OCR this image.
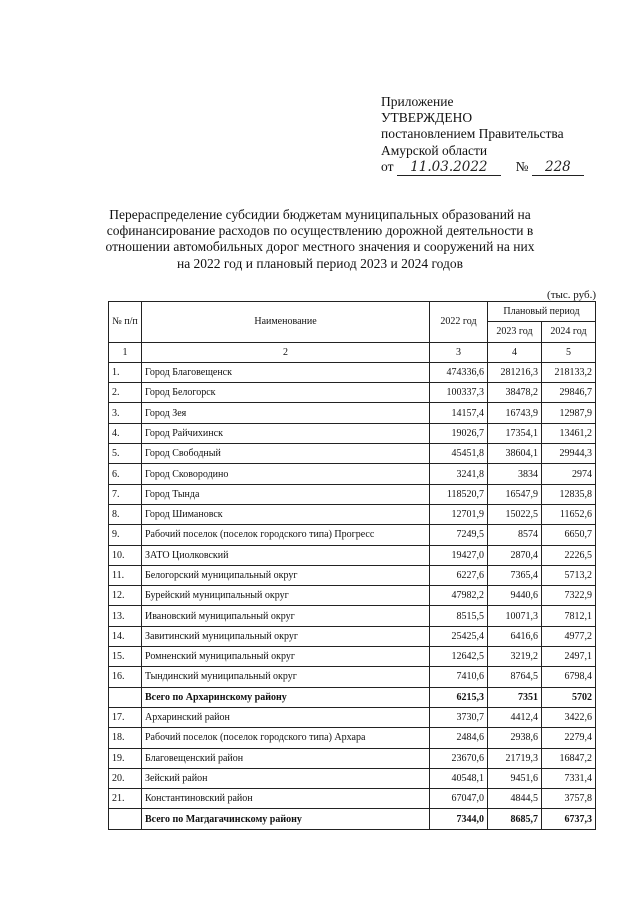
Приложение
УТВЕРЖДЕНО
постановлением Правительства
Амурской области
от 11.03.2022 № 228
Перераспределение субсидии бюджетам муниципальных образований на
софинансирование расходов по осуществлению дорожной деятельности в
отношении автомобильных дорог местного значения и сооружений на них
на 2022 год и плановый период 2023 и 2024 годов
(тыс. руб.)
№ п/п	Наименование	2022 год	Плановый период	
			2023 год	2024 год
1	2	3	4	5
1.	Город Благовещенск	474336,6	281216,3	218133,2
2.	Город Белогорск	100337,3	38478,2	29846,7
3.	Город Зея	14157,4	16743,9	12987,9
4.	Город Райчихинск	19026,7	17354,1	13461,2
5.	Город Свободный	45451,8	38604,1	29944,3
6.	Город Сковородино	3241,8	3834	2974
7.	Город Тында	118520,7	16547,9	12835,8
8.	Город Шимановск	12701,9	15022,5	11652,6
9.	Рабочий поселок (поселок городского типа) Прогресс	7249,5	8574	6650,7
10.	ЗАТО Циолковский	19427,0	2870,4	2226,5
11.	Белогорский муниципальный округ	6227,6	7365,4	5713,2
12.	Бурейский муниципальный округ	47982,2	9440,6	7322,9
13.	Ивановский муниципальный округ	8515,5	10071,3	7812,1
14.	Завитинский муниципальный округ	25425,4	6416,6	4977,2
15.	Ромненский муниципальный округ	12642,5	3219,2	2497,1
16.	Тындинский муниципальный округ	7410,6	8764,5	6798,4
	Всего по Архаринскому району	6215,3	7351	5702
17.	Архаринский район	3730,7	4412,4	3422,6
18.	Рабочий поселок (поселок городского типа) Архара	2484,6	2938,6	2279,4
19.	Благовещенский район	23670,6	21719,3	16847,2
20.	Зейский район	40548,1	9451,6	7331,4
21.	Константиновский район	67047,0	4844,5	3757,8
	Всего по Магдагачинскому району	7344,0	8685,7	6737,3
